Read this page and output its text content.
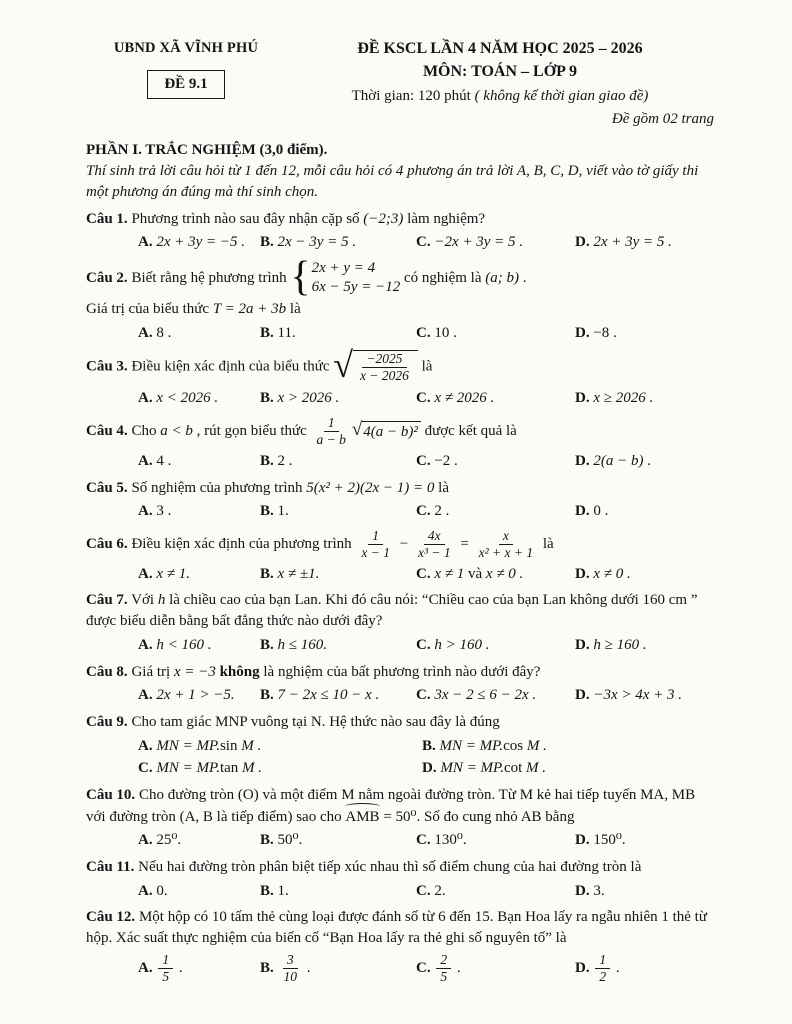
UBND XÃ VĨNH PHÚ
ĐỀ 9.1
ĐỀ KSCL LẦN 4 NĂM HỌC 2025 – 2026
MÔN: TOÁN – LỚP 9
Thời gian: 120 phút ( không kể thời gian giao đề)
Đề gồm 02 trang
PHẦN I. TRẮC NGHIỆM (3,0 điểm).
Thí sinh trả lời câu hỏi từ 1 đến 12, mỗi câu hỏi có 4 phương án trả lời A, B, C, D, viết vào tờ giấy thi một phương án đúng mà thí sinh chọn.
Câu 1. Phương trình nào sau đây nhận cặp số (−2;3) làm nghiệm?
A. 2x + 3y = −5 . B. 2x − 3y = 5 .	C. −2x + 3y = 5 .	D. 2x + 3y = 5 .
Câu 2. Biết rằng hệ phương trình { 2x + y = 4
6x − 5y = −12
có nghiệm là (a; b) .
Giá trị của biểu thức T = 2a + 3b là
A. 8 .	B. 11.	C. 10 .	D. −8 .
Câu 3. Điều kiện xác định của biểu thức √ $\frac{-2025}{x - 2026}$ là
A. x < 2026 .	B. x > 2026 .	C. x ≠ 2026 .	D. x ≥ 2026 .
Câu 4. Cho a < b , rút gọn biểu thức $\frac{1}{a - b}$ √ 4(a − b)² được kết quả là
A. 4 .	B. 2 .	C. −2 .	D. 2(a − b) .
Câu 5. Số nghiệm của phương trình 5(x² + 2)(2x − 1) = 0 là
A. 3 .	B. 1.	C. 2 .	D. 0 .
Câu 6. Điều kiện xác định của phương trình $\frac{1}{x - 1} - \frac{4x}{\text{x³ − 1}} = \frac{x}{\text{x² + x + 1}}$ là
A. x ≠ 1.	B. x ≠ ±1.	C. x ≠ 1 và x ≠ 0 .	D. x ≠ 0 .
Câu 7. Với h là chiều cao của bạn Lan. Khi đó câu nói: “Chiều cao của bạn Lan không dưới 160 cm ” được biểu diễn bằng bất đẳng thức nào dưới đây?
A. h < 160 .	B. h ≤ 160.	C. h > 160 .	D. h ≥ 160 .
Câu 8. Giá trị x = −3 không là nghiệm của bất phương trình nào dưới đây?
A. 2x + 1 > −5.	B. 7 − 2x ≤ 10 − x .	C. 3x − 2 ≤ 6 − 2x .	D. −3x > 4x + 3 .
Câu 9. Cho tam giác MNP vuông tại N. Hệ thức nào sau đây là đúng
A. MN = MP.sin M .	B. MN = MP.cos M .
C. MN = MP.tan M .	D. MN = MP.cot M .
Câu 10. Cho đường tròn (O) và một điểm M nằm ngoài đường tròn. Từ M kẻ hai tiếp tuyến MA, MB với đường tròn (A, B là tiếp điểm) sao cho AMB = 50⁰. Số đo cung nhỏ AB bằng
A. 25⁰.	B. 50⁰.	C. 130⁰.	D. 150⁰.
Câu 11. Nếu hai đường tròn phân biệt tiếp xúc nhau thì số điểm chung của hai đường tròn là
A. 0.	B. 1.	C. 2.	D. 3.
Câu 12. Một hộp có 10 tấm thẻ cùng loại được đánh số từ 6 đến 15. Bạn Hoa lấy ra ngẫu nhiên 1 thẻ từ hộp. Xác suất thực nghiệm của biến cố “Bạn Hoa lấy ra thẻ ghi số nguyên tố” là
A. $\frac{1}{5}$ .	B. $\frac{3}{10}$ .	C. $\frac{2}{5}$ .	D. $\frac{1}{2}$ .
